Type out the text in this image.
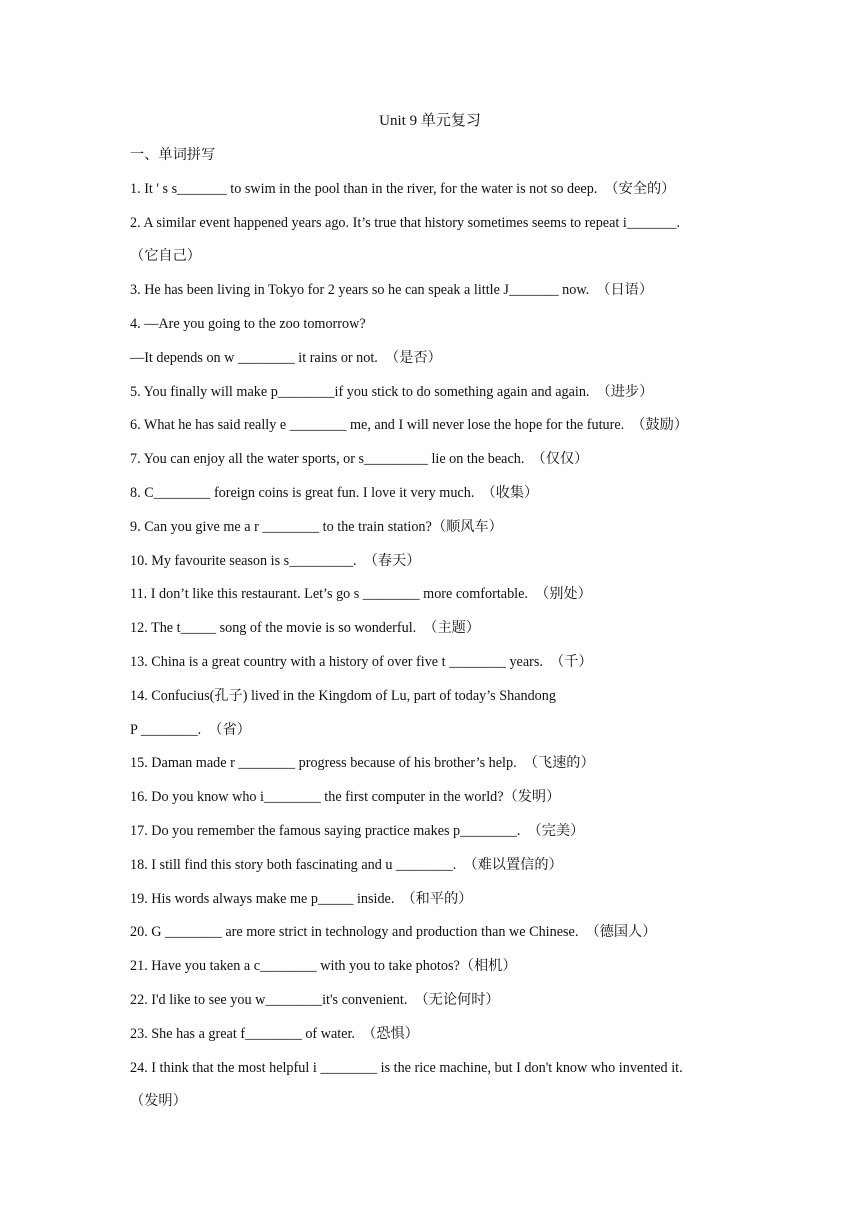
Unit 9 单元复习
一、单词拼写
1. It ' s s_______ to swim in the pool than in the river, for the water is not so deep.  （安全的）
2. A similar event happened years ago. It’s true that history sometimes seems to repeat i_______.
（它自己）
3. He has been living in Tokyo for 2 years so he can speak a little J_______ now.  （日语）
4. —Are you going to the zoo tomorrow?
—It depends on w ________ it rains or not.  （是否）
5. You finally will make p________if you stick to do something again and again.  （进步）
6. What he has said really e ________ me, and I will never lose the hope for the future.  （鼓励）
7. You can enjoy all the water sports, or s_________ lie on the beach.  （仅仅）
8. C________ foreign coins is great fun. I love it very much.  （收集）
9. Can you give me a r ________ to the train station?（顺风车）
10. My favourite season is s_________.  （春天）
11. I don’t like this restaurant. Let’s go s ________ more comfortable.  （别处）
12. The t_____ song of the movie is so wonderful.  （主题）
13. China is a great country with a history of over five t ________ years.  （千）
14. Confucius(孔子) lived in the Kingdom of Lu, part of today’s Shandong
P ________.  （省）
15. Daman made r ________ progress because of his brother’s help.  （飞速的）
16. Do you know who i________ the first computer in the world?（发明）
17. Do you remember the famous saying practice makes p________.  （完美）
18. I still find this story both fascinating and u ________.  （难以置信的）
19. His words always make me p_____ inside.  （和平的）
20. G ________ are more strict in technology and production than we Chinese.  （德国人）
21. Have you taken a c________ with you to take photos?（相机）
22. I'd like to see you w________it's convenient.  （无论何时）
23. She has a great f________ of water.  （恐惧）
24. I think that the most helpful i ________ is the rice machine, but I don't know who invented it.
（发明）
